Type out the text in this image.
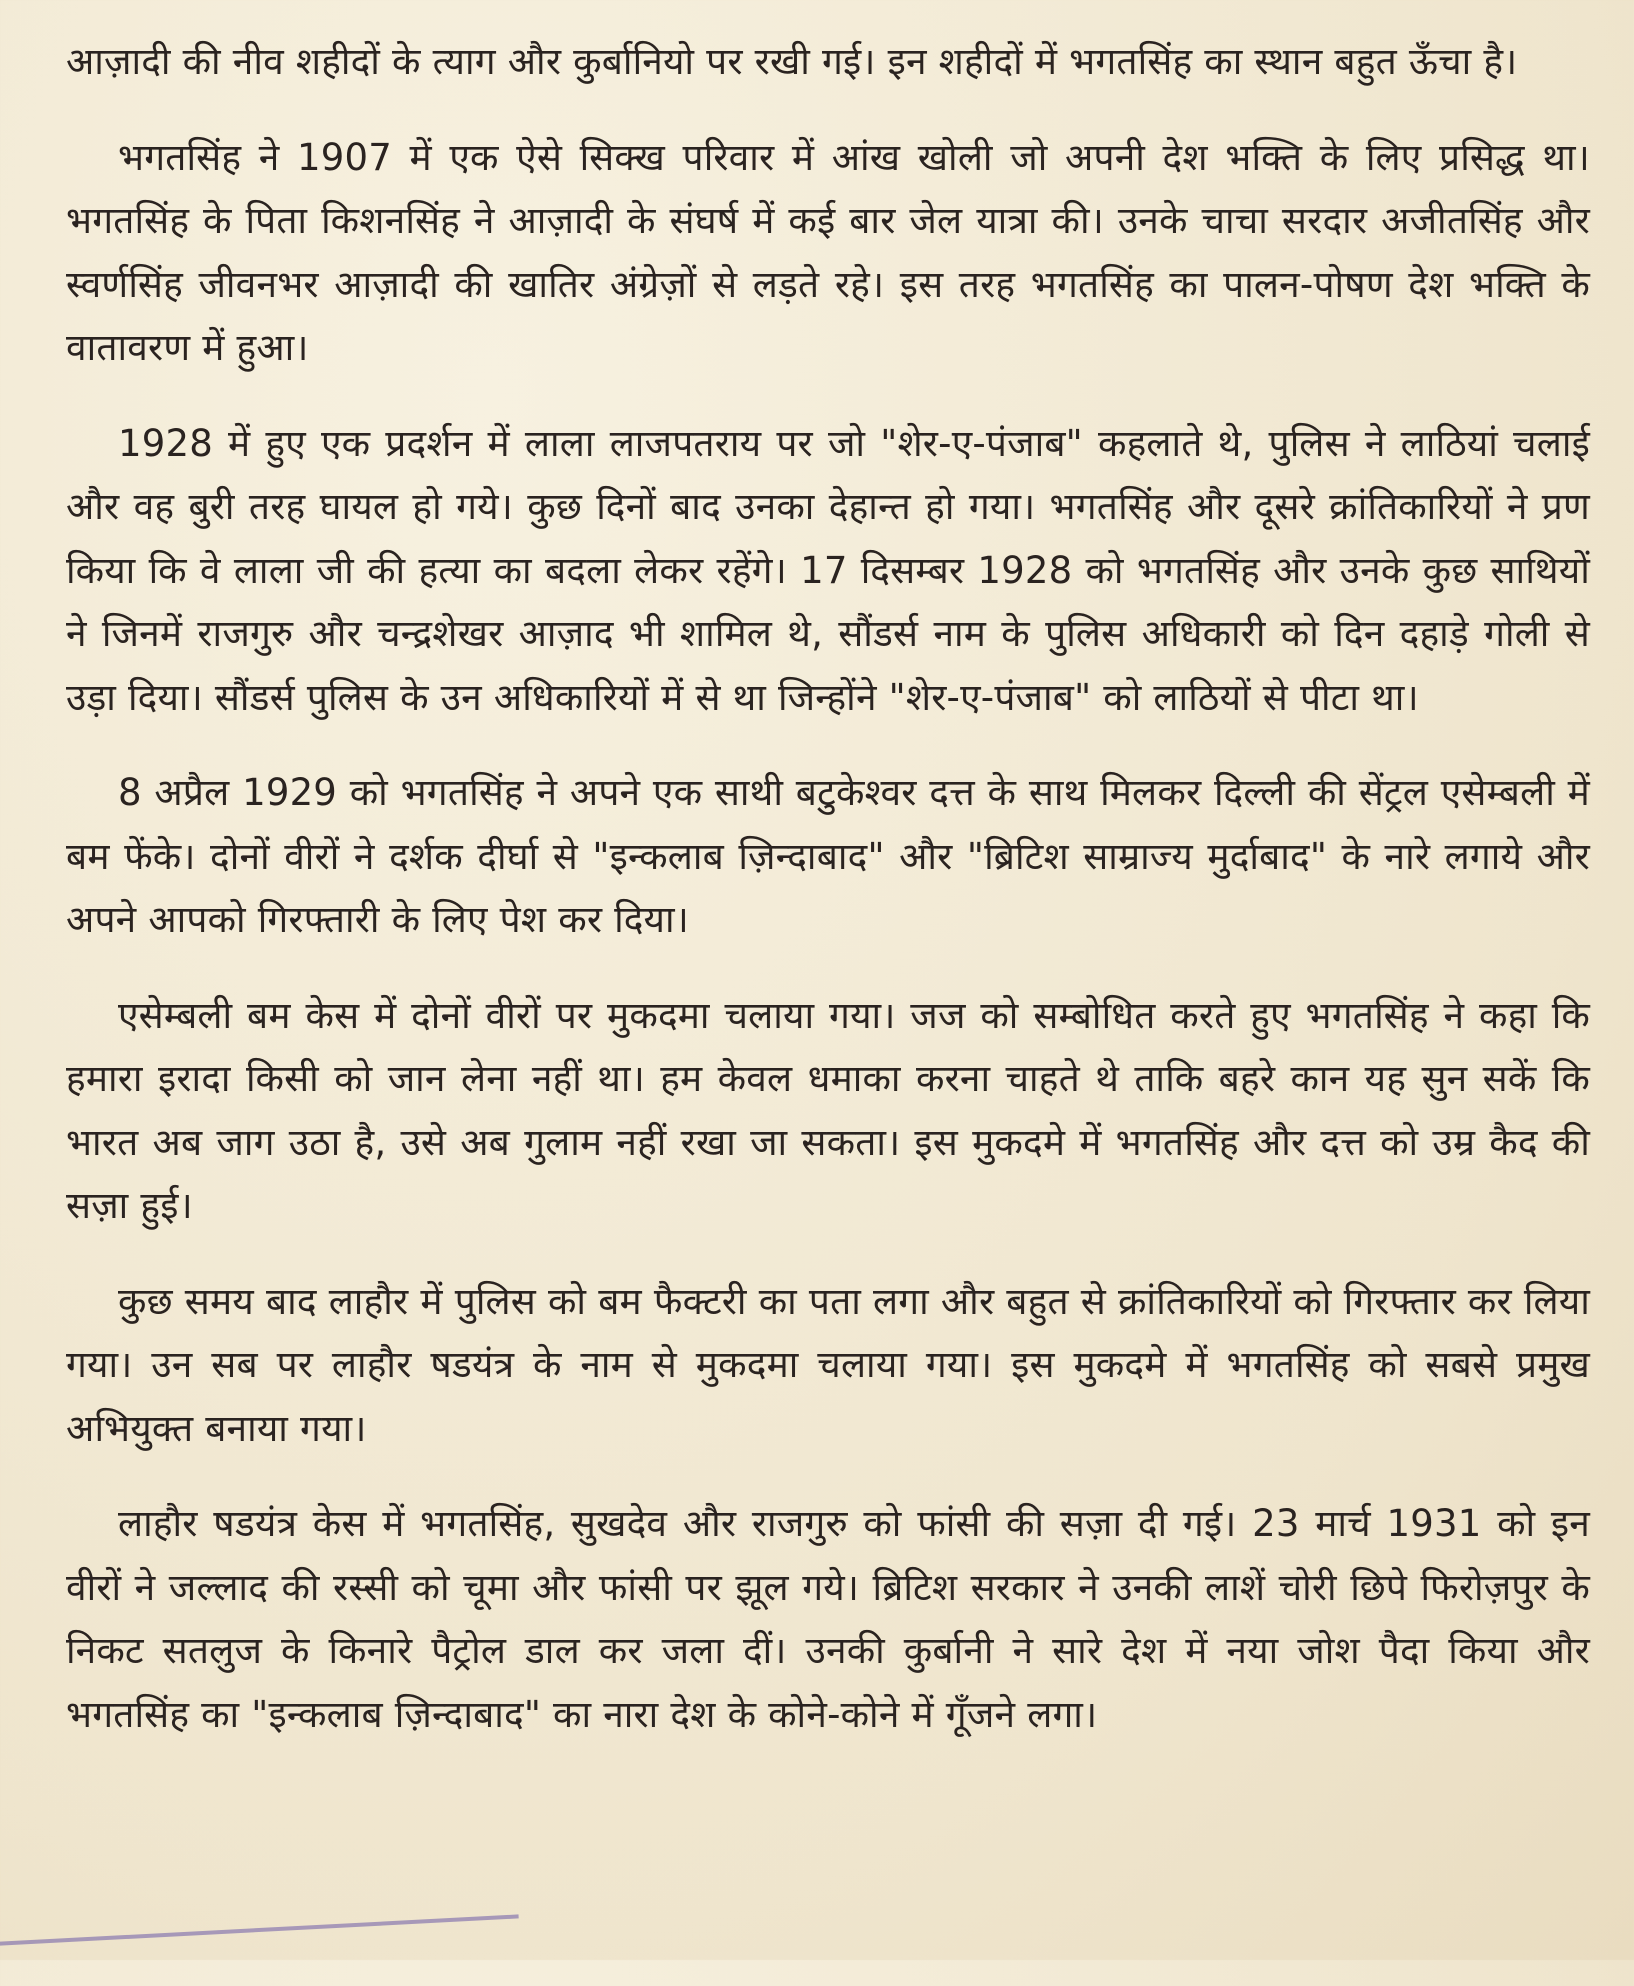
आज़ादी की नीव शहीदों के त्याग और कुर्बानियो पर रखी गई। इन शहीदों में भगतसिंह का स्थान बहुत ऊँचा है।

भगतसिंह ने 1907 में एक ऐसे सिक्ख परिवार में आंख खोली जो अपनी देश भक्ति के लिए प्रसिद्ध था। भगतसिंह के पिता किशनसिंह ने आज़ादी के संघर्ष में कई बार जेल यात्रा की। उनके चाचा सरदार अजीतसिंह और स्वर्णसिंह जीवनभर आज़ादी की खातिर अंग्रेज़ों से लड़ते रहे। इस तरह भगतसिंह का पालन-पोषण देश भक्ति के वातावरण में हुआ।

1928 में हुए एक प्रदर्शन में लाला लाजपतराय पर जो "शेर-ए-पंजाब" कहलाते थे, पुलिस ने लाठियां चलाई और वह बुरी तरह घायल हो गये। कुछ दिनों बाद उनका देहान्त हो गया। भगतसिंह और दूसरे क्रांतिकारियों ने प्रण किया कि वे लाला जी की हत्या का बदला लेकर रहेंगे। 17 दिसम्बर 1928 को भगतसिंह और उनके कुछ साथियों ने जिनमें राजगुरु और चन्द्रशेखर आज़ाद भी शामिल थे, सौंडर्स नाम के पुलिस अधिकारी को दिन दहाड़े गोली से उड़ा दिया। सौंडर्स पुलिस के उन अधिकारियों में से था जिन्होंने "शेर-ए-पंजाब" को लाठियों से पीटा था।

8 अप्रैल 1929 को भगतसिंह ने अपने एक साथी बटुकेश्वर दत्त के साथ मिलकर दिल्ली की सेंट्रल एसेम्बली में बम फेंके। दोनों वीरों ने दर्शक दीर्घा से "इन्कलाब ज़िन्दाबाद" और "ब्रिटिश साम्राज्य मुर्दाबाद" के नारे लगाये और अपने आपको गिरफ्तारी के लिए पेश कर दिया।

एसेम्बली बम केस में दोनों वीरों पर मुकदमा चलाया गया। जज को सम्बोधित करते हुए भगतसिंह ने कहा कि हमारा इरादा किसी को जान लेना नहीं था। हम केवल धमाका करना चाहते थे ताकि बहरे कान यह सुन सकें कि भारत अब जाग उठा है, उसे अब गुलाम नहीं रखा जा सकता। इस मुकदमे में भगतसिंह और दत्त को उम्र कैद की सज़ा हुई।

कुछ समय बाद लाहौर में पुलिस को बम फैक्टरी का पता लगा और बहुत से क्रांतिकारियों को गिरफ्तार कर लिया गया। उन सब पर लाहौर षडयंत्र के नाम से मुकदमा चलाया गया। इस मुकदमे में भगतसिंह को सबसे प्रमुख अभियुक्त बनाया गया।

लाहौर षडयंत्र केस में भगतसिंह, सुखदेव और राजगुरु को फांसी की सज़ा दी गई। 23 मार्च 1931 को इन वीरों ने जल्लाद की रस्सी को चूमा और फांसी पर झूल गये। ब्रिटिश सरकार ने उनकी लाशें चोरी छिपे फिरोज़पुर के निकट सतलुज के किनारे पैट्रोल डाल कर जला दीं। उनकी कुर्बानी ने सारे देश में नया जोश पैदा किया और भगतसिंह का "इन्कलाब ज़िन्दाबाद" का नारा देश के कोने-कोने में गूँजने लगा।
